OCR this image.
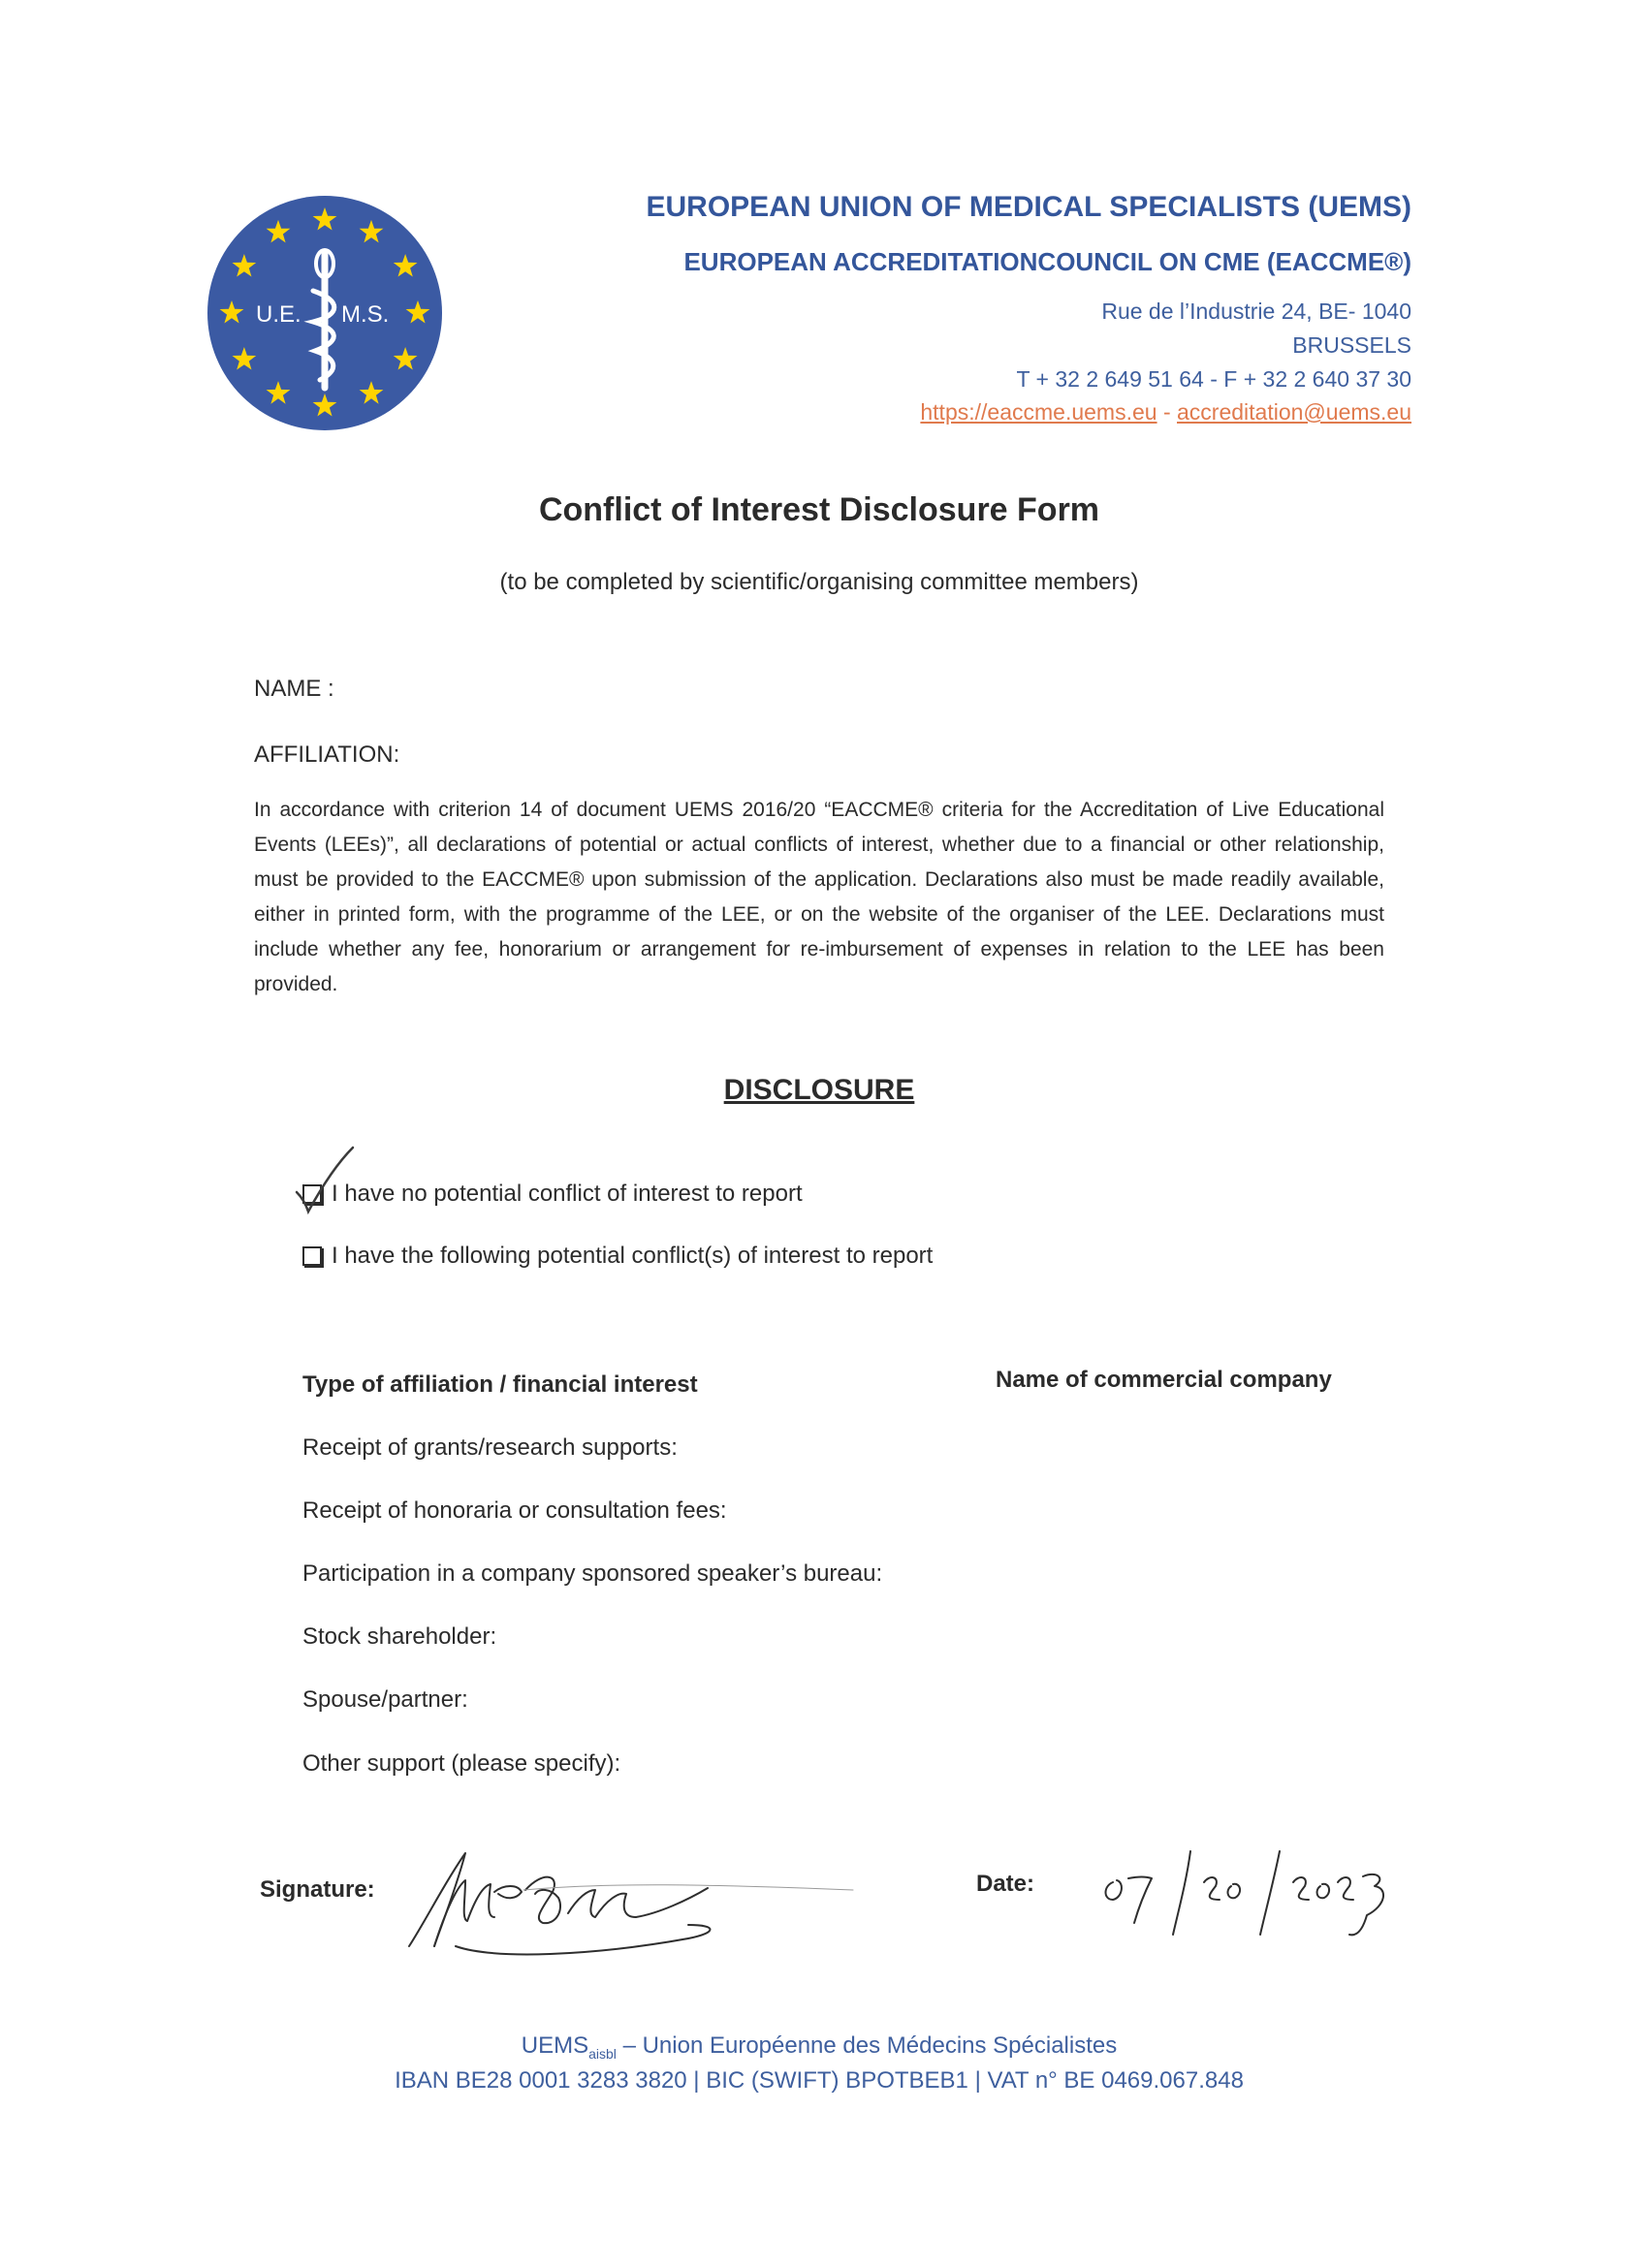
U.E. M.S.
EUROPEAN UNION OF MEDICAL SPECIALISTS (UEMS)
EUROPEAN ACCREDITATIONCOUNCIL ON CME (EACCME®)
Rue de l’Industrie 24, BE- 1040
BRUSSELS
T + 32 2 649 51 64 - F + 32 2 640 37 30
https://eaccme.uems.eu - accreditation@uems.eu
Conflict of Interest Disclosure Form
(to be completed by scientific/organising committee members)
NAME :
AFFILIATION:
In accordance with criterion 14 of document UEMS 2016/20 “EACCME® criteria for the Accreditation of Live Educational Events (LEEs)”, all declarations of potential or actual conflicts of interest, whether due to a financial or other relationship, must be provided to the EACCME® upon submission of the application. Declarations also must be made readily available, either in printed form, with the programme of the LEE, or on the website of the organiser of the LEE. Declarations must include whether any fee, honorarium or arrangement for re-imbursement of expenses in relation to the LEE has been provided.
DISCLOSURE
I have no potential conflict of interest to report
I have the following potential conflict(s) of interest to report
Type of affiliation / financial interest	Name of commercial company
Receipt of grants/research supports:
Receipt of honoraria or consultation fees:
Participation in a company sponsored speaker’s bureau:
Stock shareholder:
Spouse/partner:
Other support (please specify):
Signature:	Date:
$UEMS_{aisbl}$ – Union Européenne des Médecins Spécialistes
IBAN BE28 0001 3283 3820 | BIC (SWIFT) BPOTBEB1 | VAT n° BE 0469.067.848
